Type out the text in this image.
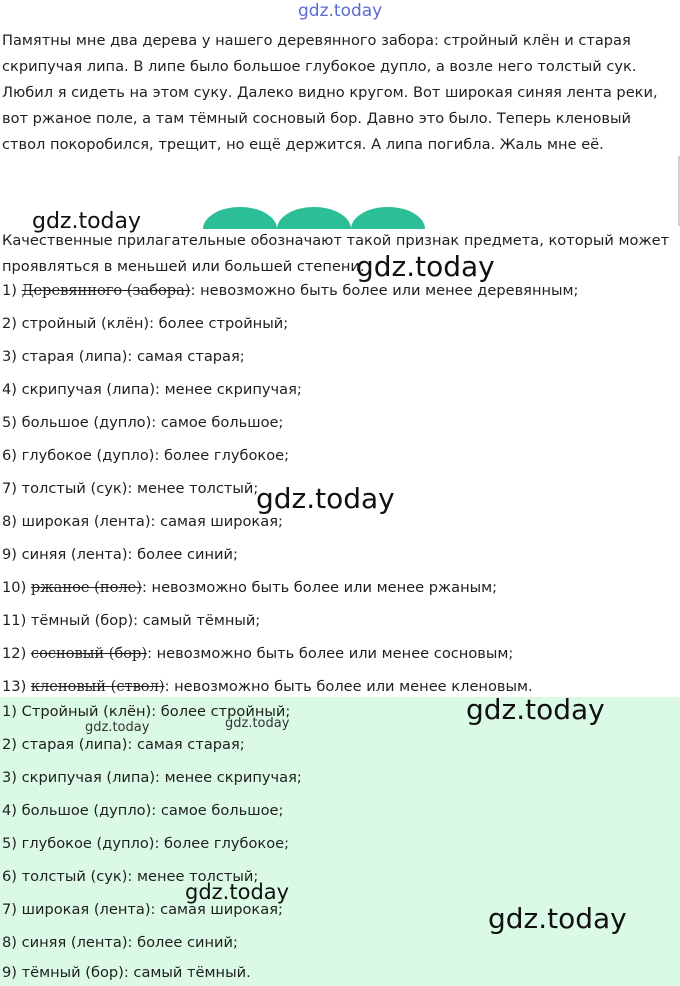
gdz.today

Памятны мне два дерева у нашего деревянного забора: стройный клён и старая скрипучая липа. В липе было большое глубокое дупло, а возле него толстый сук. Любил я сидеть на этом суку. Далеко видно кругом. Вот широкая синяя лента реки, вот ржаное поле, а там тёмный сосновый бор. Давно это было. Теперь кленовый ствол покоробился, трещит, но ещё держится. А липа погибла. Жаль мне её.

gdz.today

Качественные прилагательные обозначают такой признак предмета, который может проявляться в меньшей или большей степени.

gdz.today
1) Деревянного (забора): невозможно быть более или менее деревянным;
2) стройный (клён): более стройный;
3) старая (липа): самая старая;
4) скрипучая (липа): менее скрипучая;
5) большое (дупло): самое большое;
6) глубокое (дупло): более глубокое;
7) толстый (сук): менее толстый;
8) широкая (лента): самая широкая;
9) синяя (лента): более синий;
10) ржаное (поле): невозможно быть более или менее ржаным;
11) тёмный (бор): самый тёмный;
12) сосновый (бор): невозможно быть более или менее сосновым;
13) кленовый (ствол): невозможно быть более или менее кленовым.
gdz.today
1) Стройный (клён): более стройный;
2) старая (липа): самая старая;
3) скрипучая (липа): менее скрипучая;
4) большое (дупло): самое большое;
5) глубокое (дупло): более глубокое;
6) толстый (сук): менее толстый;
7) широкая (лента): самая широкая;
8) синяя (лента): более синий;
9) тёмный (бор): самый тёмный.
gdz.today
gdz.today	gdz.today
gdz.today
gdz.today
